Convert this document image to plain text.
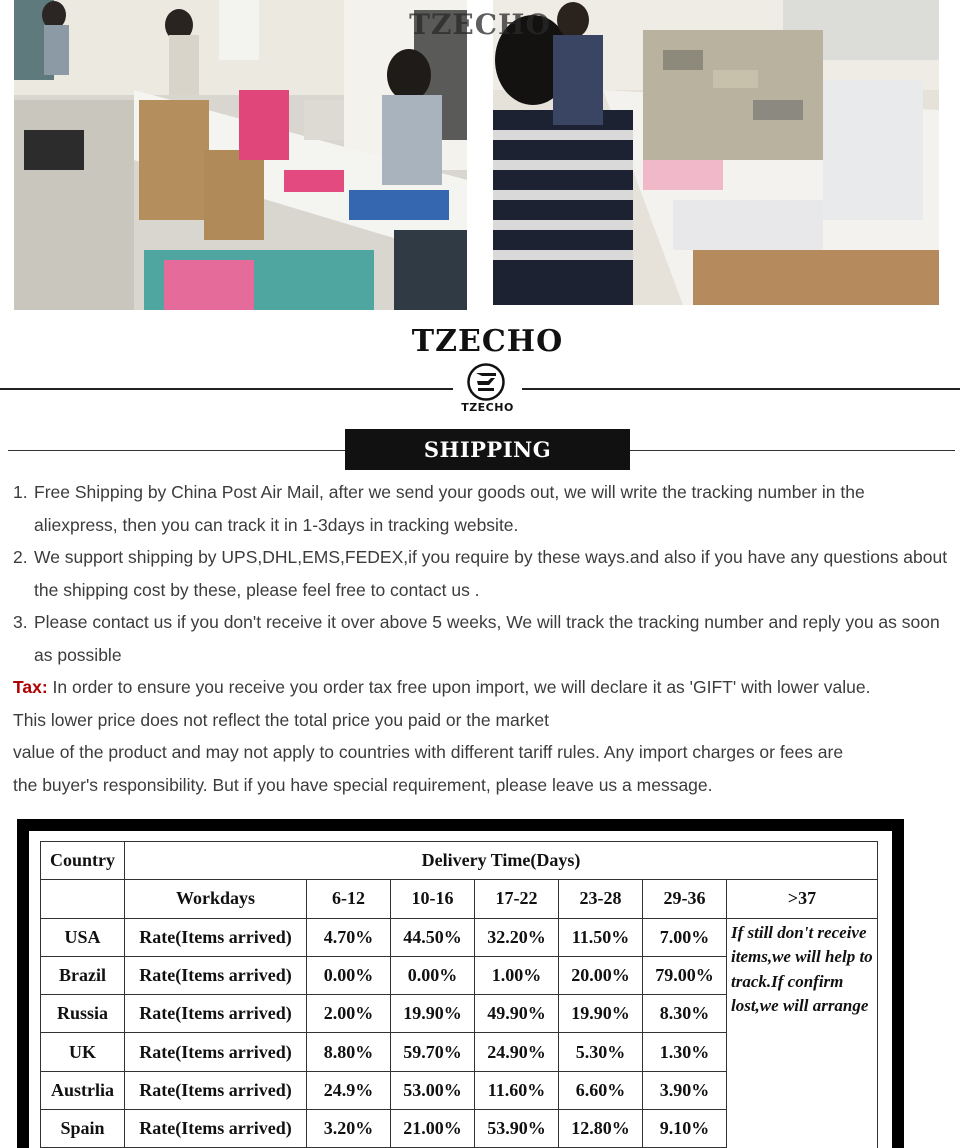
TZECHO
TZECHO
TZECHO
SHIPPING
1. Free Shipping by China Post Air Mail, after we send your goods out, we will write the tracking number in the aliexpress, then you can track it in 1-3days in tracking website.
2. We support shipping by UPS,DHL,EMS,FEDEX,if you require by these ways.and also if you have any questions about the shipping cost by these, please feel free to contact us .
3. Please contact us if you don't receive it over above 5 weeks, We will track the tracking number and reply you as soon as possible
Tax: In order to ensure you receive you order tax free upon import, we will declare it as 'GIFT' with lower value.
This lower price does not reflect the total price you paid or the market
value of the product and may not apply to countries with different tariff rules. Any import charges or fees are
the buyer's responsibility. But if you have special requirement, please leave us a message.
Country	Delivery Time(Days)						
	Workdays	6-12	10-16	17-22	23-28	29-36	>37
USA	Rate(Items arrived)	4.70%	44.50%	32.20%	11.50%	7.00%	If still don't receive items,we will help to track.If confirm lost,we will arrange
Brazil	Rate(Items arrived)	0.00%	0.00%	1.00%	20.00%	79.00%	
Russia	Rate(Items arrived)	2.00%	19.90%	49.90%	19.90%	8.30%	
UK	Rate(Items arrived)	8.80%	59.70%	24.90%	5.30%	1.30%	
Austrlia	Rate(Items arrived)	24.9%	53.00%	11.60%	6.60%	3.90%	
Spain	Rate(Items arrived)	3.20%	21.00%	53.90%	12.80%	9.10%	
